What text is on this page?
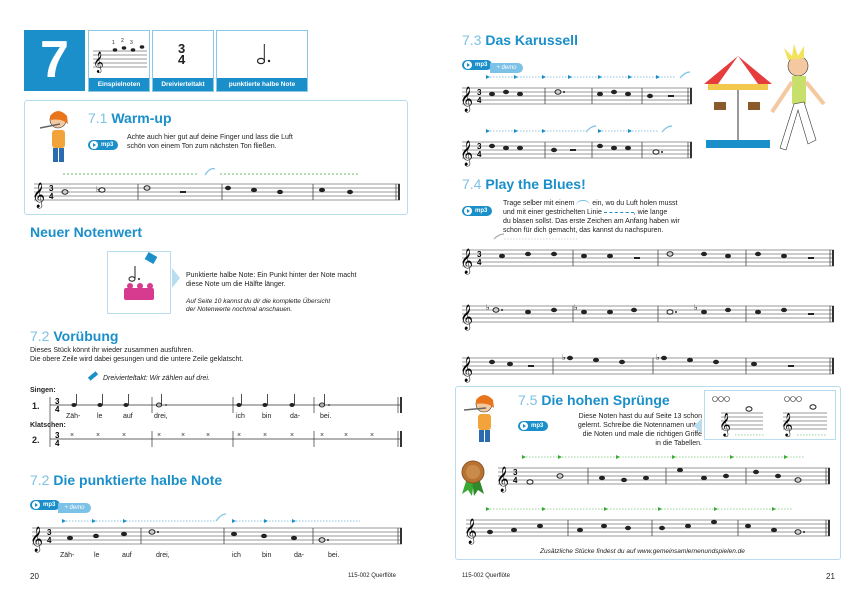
7	𝄞
1 2 3
Einspielnoten
3
4
Dreivierteltakt	punktierte halbe Note
7.1 Warm-up
mp3
Achte auch hier gut auf deine Finger und lass die Luft
schön von einem Ton zum nächsten Ton fließen.
𝄞 3
4
♭
Neuer Notenwert
Punktierte halbe Note: Ein Punkt hinter der Note macht
diese Note um die Hälfte länger.
Auf Seite 10 kannst du dir die komplette Übersicht
der Notenwerte nochmal anschauen.
7.2 Vorübung
Dieses Stück könnt ihr wieder zusammen ausführen.
Die obere Zeile wird dabei gesungen und die untere Zeile geklatscht.
Dreivierteltakt: Wir zählen auf drei.
Singen:
1.
Klatschen:
2.
3
4
3
4
×	×	×	×	×	×	×	×	×	×	×	×
Zäh- le	auf	drei,	ich bin	da-	bei.
7.2 Die punktierte halbe Note
mp3 + demo
𝄞 3
4
Zäh-	le	auf	drei,	ich	bin	da-	bei.
20	115-002 Querflöte
7.3 Das Karussell
mp3 + demo
𝄞 3
4
𝄞 3
4
7.4 Play the Blues!
mp3
Trage selber mit einem	ein, wo du Luft holen musst
und mit einer gestrichelten Linie	, wie lange
du blasen sollst. Das erste Zeichen am Anfang haben wir
schon für dich gemacht, das kannst du nachspuren.
𝄞 3
4
𝄞 ♭	♭	♭
𝄞	♭	♭
7.5 Die hohen Sprünge
mp3
Diese Noten hast du auf Seite 13 schon
gelernt. Schreibe die Notennamen unter
die Noten und male die richtigen Griffe
in die Tabellen.
𝄞	𝄞
𝄞 3
4
𝄞
Zusätzliche Stücke findest du auf www.gemeinsamlernenundspielen.de
115-002 Querflöte	21
